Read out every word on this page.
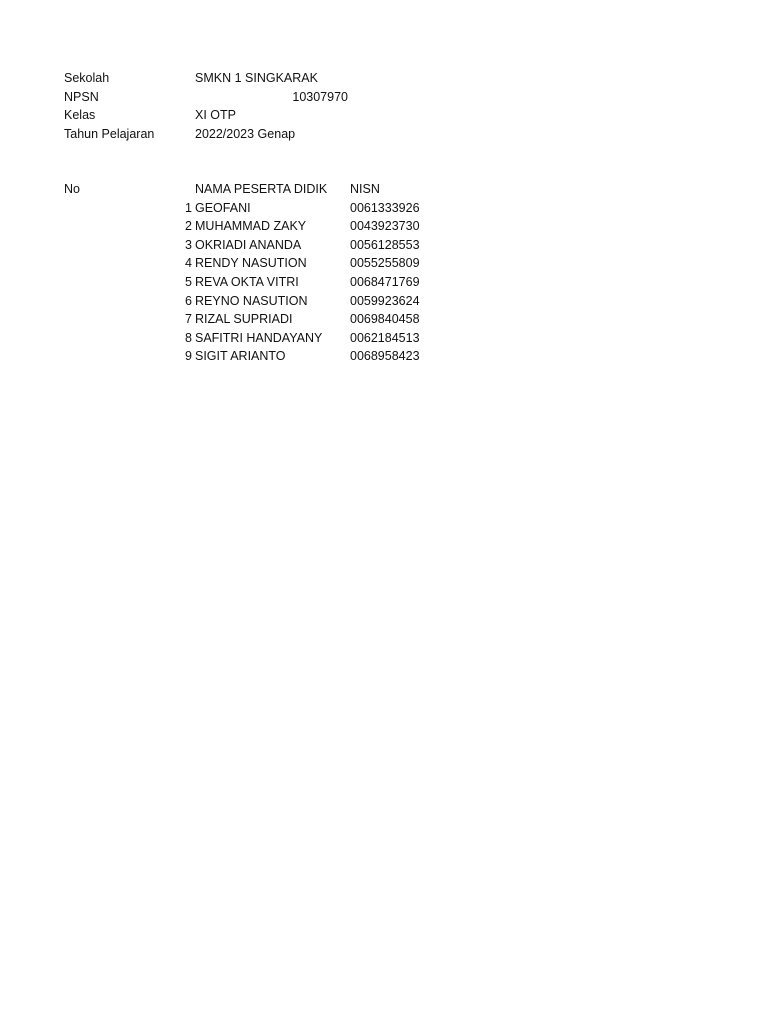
Sekolah	SMKN 1 SINGKARAK
NPSN	10307970
Kelas	XI OTP
Tahun Pelajaran	2022/2023 Genap
No	NAMA PESERTA DIDIK NISN
1 GEOFANI	0061333926
2 MUHAMMAD ZAKY	0043923730
3 OKRIADI ANANDA	0056128553
4 RENDY NASUTION	0055255809
5 REVA OKTA VITRI	0068471769
6 REYNO NASUTION	0059923624
7 RIZAL SUPRIADI	0069840458
8 SAFITRI HANDAYANY 0062184513
9 SIGIT ARIANTO	0068958423
